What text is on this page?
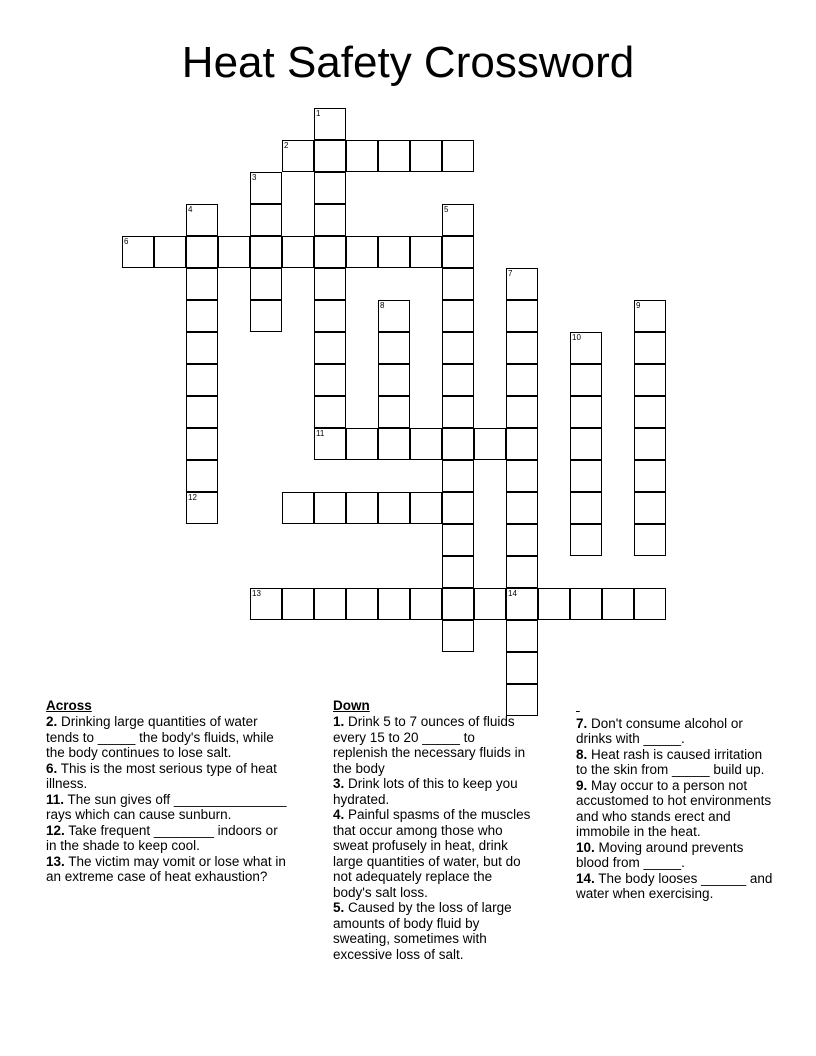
Heat Safety Crossword
1
2
3
4	5
6
7
8	9
10
11
12
13	14
Across

2. Drinking large quantities of water tends to _____ the body's fluids, while the body continues to lose salt.

6. This is the most serious type of heat illness.

11. The sun gives off _______________ rays which can cause sunburn.

12. Take frequent ________ indoors or in the shade to keep cool.

13. The victim may vomit or lose what in an extreme case of heat exhaustion?

Down

1. Drink 5 to 7 ounces of fluids every 15 to 20 _____ to replenish the necessary fluids in the body

3. Drink lots of this to keep you hydrated.

4. Painful spasms of the muscles that occur among those who sweat profusely in heat, drink large quantities of water, but do not adequately replace the body's salt loss.

5. Caused by the loss of large amounts of body fluid by sweating, sometimes with excessive loss of salt.

7. Don't consume alcohol or drinks with _____.

8. Heat rash is caused irritation to the skin from _____ build up.

9. May occur to a person not accustomed to hot environments and who stands erect and immobile in the heat.

10. Moving around prevents blood from _____.

14. The body looses ______ and water when exercising.
